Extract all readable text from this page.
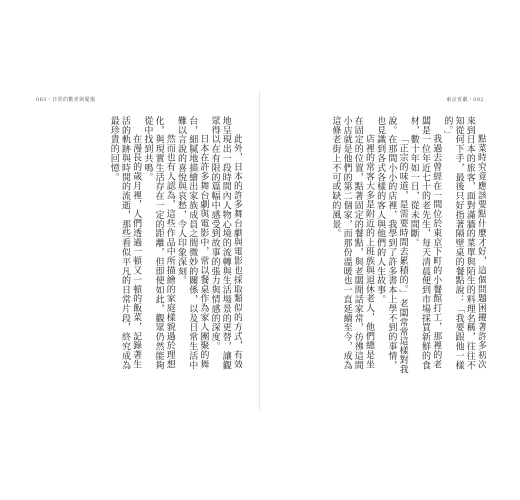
083・日常的歡喜與憂傷

此外，日本的許多舞台劇與電影也採取類似的方式，有效地呈現出一段時間內人物心境的流轉與生活場景的更替，讓觀眾得以在有限的篇幅中感受到故事的張力與情感的深度。

日本在許多舞台劇與電影中，常以餐桌作為家人團聚的舞台，細膩地描繪出家族成員之間微妙的關係，以及日常生活中難以言說的喜悅與哀愁，令人印象深刻。

然而也有人認為，這些作品中所描繪的家庭樣貌過於理想化，與現實生活存在一定的距離，但即便如此，觀眾仍然能夠從中找到共鳴。

在漫長的歲月裡，人們透過一頓又一頓的飯菜，記錄著生活的軌跡與時間的流逝，那些看似平凡的日常片段，終究成為最珍貴的回憶。

東京喜劇・082

點菜時究竟應該要點什麼才好，這個問題困擾著許多初次來到日本的旅客，面對滿牆的菜單與陌生的料理名稱，往往不知從何下手，最後只好指著隔壁桌的餐點說：「我要跟他一樣的。」

我過去曾經在一間位於東京下町的小餐館打工，那裡的老闆是一位年近七十的老先生，每天清晨便到市場採買新鮮的食材，數十年如一日，從未間斷。

「正宗的味道，是需要時間去累積的。」老闆常常這樣對我說。在那間小小的店裡，我學到了許多書本上學不到的事情，也見識到各式各樣的客人與他們的人生故事。

店裡的常客大多是附近的上班族與退休老人，他們總是坐在固定的位置，點著固定的餐點，與老闆閒話家常，彷彿這間小店就是他們的第二個家，而那份溫暖也一直延續至今，成為這條老街上不可或缺的風景。
